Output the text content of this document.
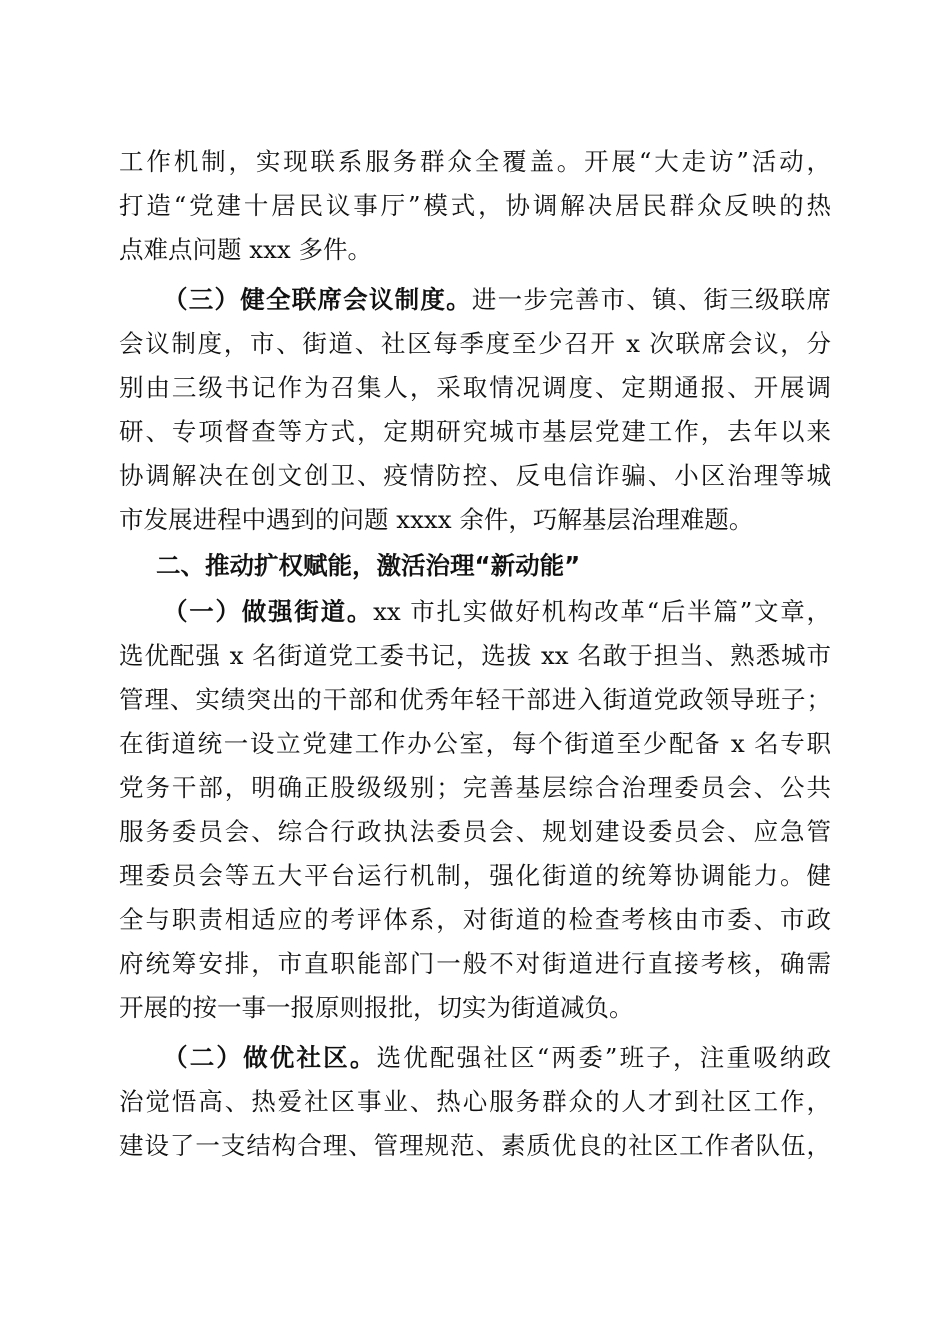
工作机制，实现联系服务群众全覆盖。开展“大走访”活动，
打造“党建十居民议事厅”模式，协调解决居民群众反映的热
点难点问题 xxx 多件。
（三）健全联席会议制度。进一步完善市、镇、街三级联席
会议制度，市、街道、社区每季度至少召开 x 次联席会议，分
别由三级书记作为召集人，采取情况调度、定期通报、开展调
研、专项督查等方式，定期研究城市基层党建工作，去年以来
协调解决在创文创卫、疫情防控、反电信诈骗、小区治理等城
市发展进程中遇到的问题 xxxx 余件，巧解基层治理难题。
二、推动扩权赋能，激活治理“新动能”
（一）做强街道。xx 市扎实做好机构改革“后半篇”文章，
选优配强 x 名街道党工委书记，选拔 xx 名敢于担当、熟悉城市
管理、实绩突出的干部和优秀年轻干部进入街道党政领导班子；
在街道统一设立党建工作办公室，每个街道至少配备 x 名专职
党务干部，明确正股级级别；完善基层综合治理委员会、公共
服务委员会、综合行政执法委员会、规划建设委员会、应急管
理委员会等五大平台运行机制，强化街道的统筹协调能力。健
全与职责相适应的考评体系，对街道的检查考核由市委、市政
府统筹安排，市直职能部门一般不对街道进行直接考核，确需
开展的按一事一报原则报批，切实为街道减负。
（二）做优社区。选优配强社区“两委”班子，注重吸纳政
治觉悟高、热爱社区事业、热心服务群众的人才到社区工作，
建设了一支结构合理、管理规范、素质优良的社区工作者队伍，
